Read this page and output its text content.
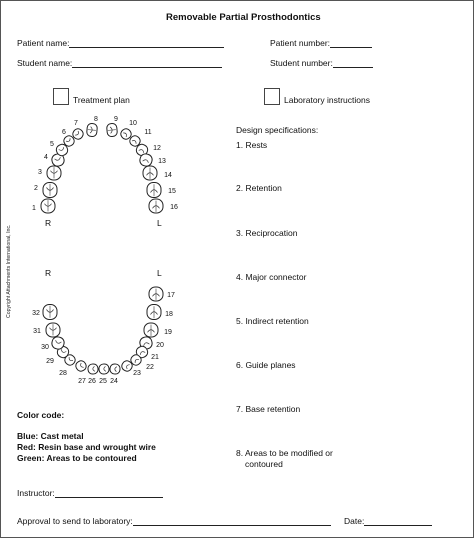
Removable Partial Prosthodontics
Patient name:	Patient number:
Student name:	Student number:
Treatment plan	Laboratory instructions
Copyright Attachments International, Inc.
1
2
3
4
5
6
7
8 9
10
11
12
13
14
15
16
17
18
19
20
21
22
23
24
25
26
27
28
29
30
31
32
R	L
R	L
Design specifications:
1. Rests
2. Retention
3. Reciprocation
4. Major connector
5. Indirect retention
6. Guide planes
7. Base retention
8. Areas to be modified or
contoured
Color code:
Blue: Cast metal
Red: Resin base and wrought wire
Green: Areas to be contoured
Instructor:
Approval to send to laboratory:	Date:
